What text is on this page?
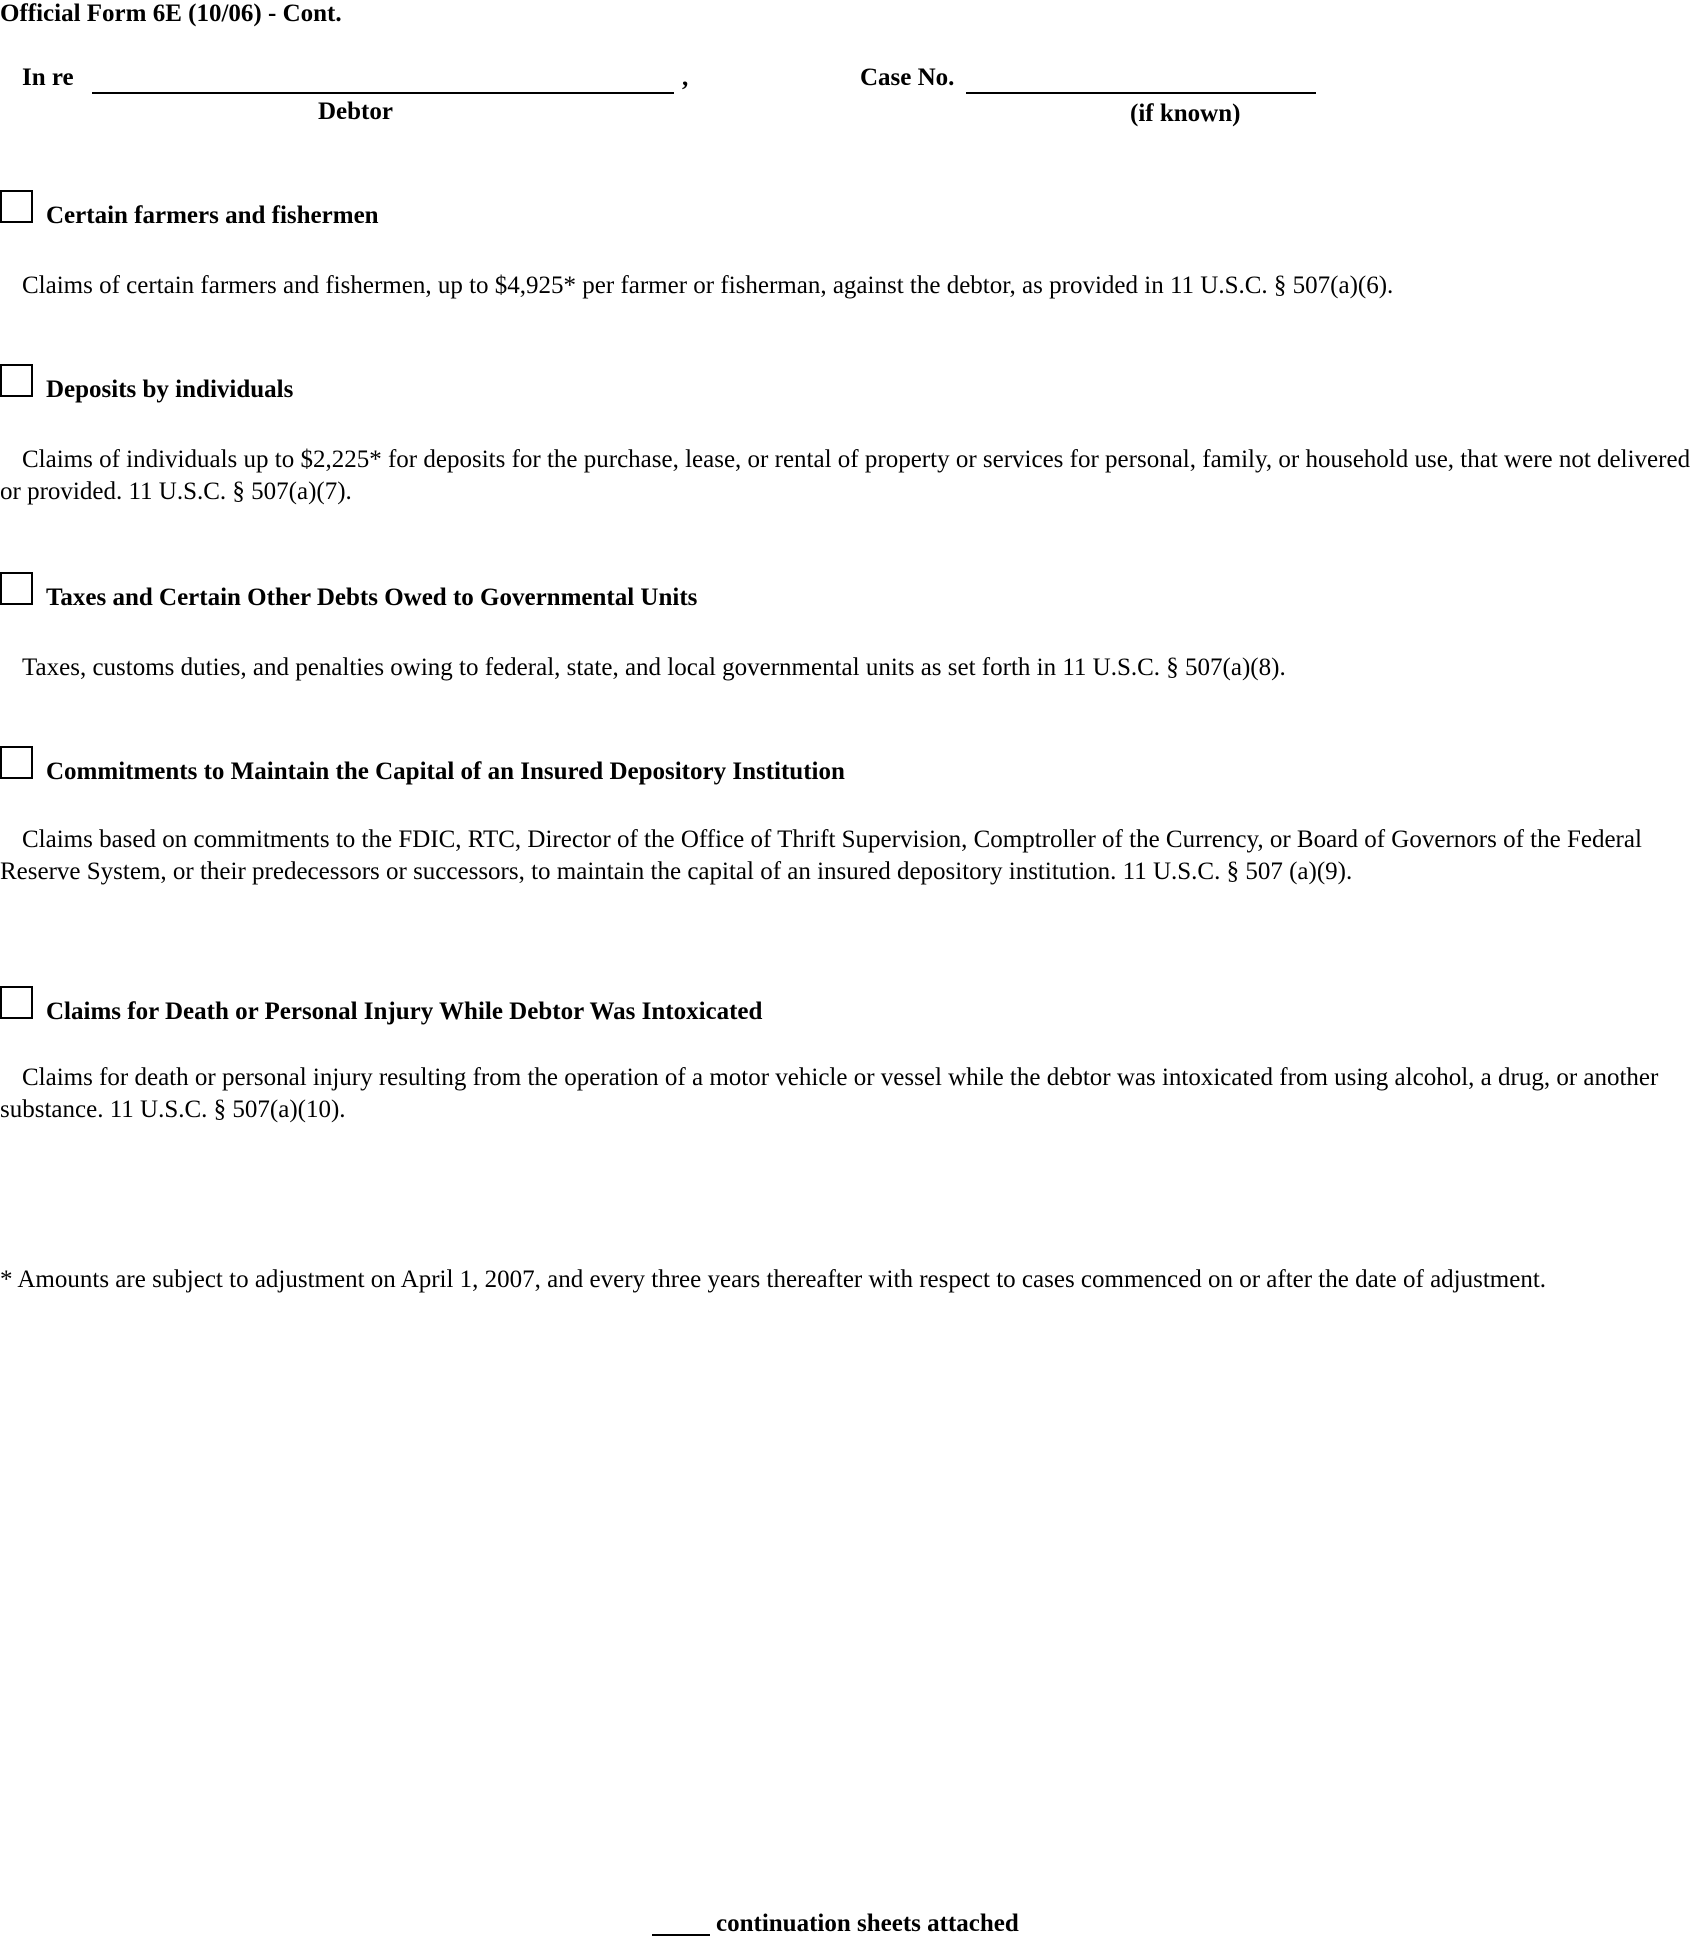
Official Form 6E (10/06) - Cont.
In re	,
Debtor
Case No.
(if known)
Certain farmers and fishermen
Claims of certain farmers and fishermen, up to $4,925* per farmer or fisherman, against the debtor, as provided in 11 U.S.C. § 507(a)(6).
Deposits by individuals
Claims of individuals up to $2,225* for deposits for the purchase, lease, or rental of property or services for personal, family, or household use, that were not delivered or provided. 11 U.S.C. § 507(a)(7).
Taxes and Certain Other Debts Owed to Governmental Units
Taxes, customs duties, and penalties owing to federal, state, and local governmental units as set forth in 11 U.S.C. § 507(a)(8).
Commitments to Maintain the Capital of an Insured Depository Institution
Claims based on commitments to the FDIC, RTC, Director of the Office of Thrift Supervision, Comptroller of the Currency, or Board of Governors of the Federal Reserve System, or their predecessors or successors, to maintain the capital of an insured depository institution. 11 U.S.C. § 507 (a)(9).
Claims for Death or Personal Injury While Debtor Was Intoxicated
Claims for death or personal injury resulting from the operation of a motor vehicle or vessel while the debtor was intoxicated from using alcohol, a drug, or another substance. 11 U.S.C. § 507(a)(10).
* Amounts are subject to adjustment on April 1, 2007, and every three years thereafter with respect to cases commenced on or after the date of adjustment.
continuation sheets attached
